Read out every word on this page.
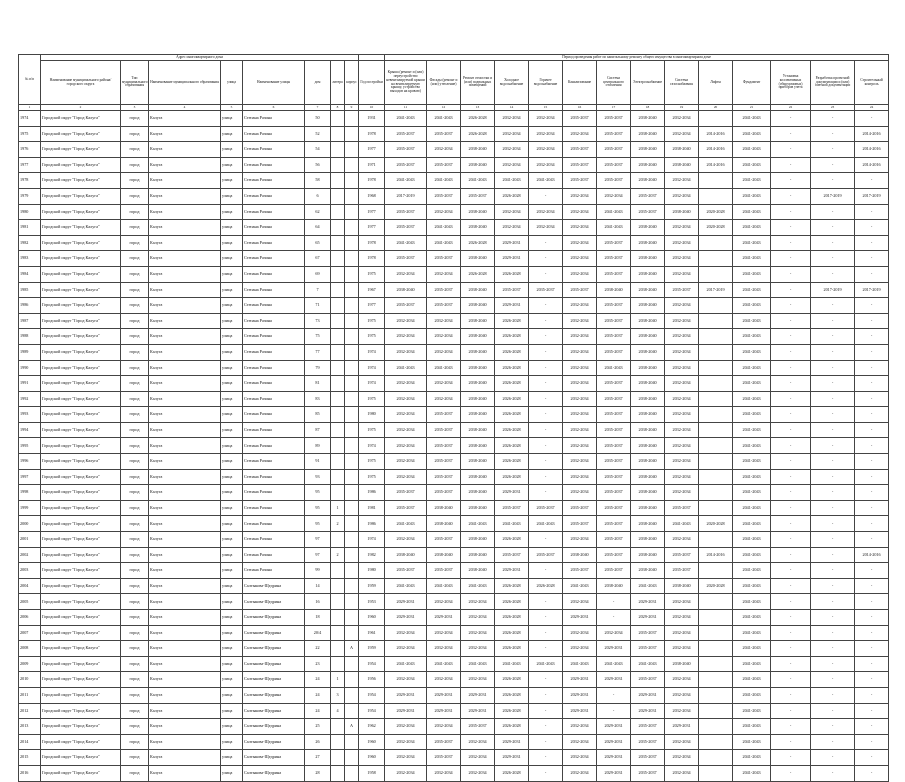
№ п/п	Адрес многоквартирного дома									Период проведения работ по капитальному ремонту общего имущества в многоквартирном доме													
	Наименование муниципального района/городского округа	Тип муниципального образования	Наименование муниципального образования	улица	Наименование улицы	дом	литера	корпус	Год постройки	Крыша (ремонт и (или) переустройство невентилируемой крыши на вентилируемую крышу, устройство выходов на кровлю)	Фасады (ремонт и (или) утепление)	Ремонт отмостки и (или) подвальных помещений	Холодное водоснабжение	Горячее водоснабжение	Канализование	Система центрального отопления	Электроснабжение	Система газоснабжения	Лифты	Фундамент	Установка коллективных (общедомовых) приборов учета	Разработка проектной документации и (или) сметной документации	Строительный контроль
1	2	3	4	5	6	7	8	9	10	11	12	13	14	15	16	17	18	19	20	21	22	23	24
1974	Городской округ "Город Калуга"	город	Калуга	улица	Степана Разина	50			1931	2041-2043	2041-2043	2026-2028	2032-2034	2032-2034	2035-2037	2035-2037	2038-2040	2032-2034		2041-2043	-	-	-
1975	Городской округ "Город Калуга"	город	Калуга	улица	Степана Разина	52			1978	2035-2037	2035-2037	2026-2028	2032-2034	2032-2034	2032-2034	2035-2037	2038-2040	2032-2034	2014-2016	2041-2043	-	-	2014-2016
1976	Городской округ "Город Калуга"	город	Калуга	улица	Степана Разина	54			1977	2035-2037	2032-2034	2038-2040	2032-2034	2032-2034	2035-2037	2035-2037	2038-2040	2038-2040	2014-2016	2041-2043	-	-	2014-2016
1977	Городской округ "Город Калуга"	город	Калуга	улица	Степана Разина	56			1971	2035-2037	2035-2037	2038-2040	2032-2034	2032-2034	2035-2037	2035-2037	2038-2040	2038-2040	2014-2016	2041-2043	-	-	2014-2016
1978	Городской округ "Город Калуга"	город	Калуга	улица	Степана Разина	58			1978	2041-2043	2041-2043	2041-2043	2041-2043	2041-2043	2035-2037	2035-2037	2038-2040	2032-2034		2041-2043	-	-	-
1979	Городской округ "Город Калуга"	город	Калуга	улица	Степана Разина	6			1968	2017-2019	2035-2037	2035-2037	2026-2028	-	2032-2034	2032-2034	2035-2037	2032-2034		2041-2043	-	2017-2019	2017-2019
1980	Городской округ "Город Калуга"	город	Калуга	улица	Степана Разина	62			1977	2035-2037	2032-2034	2038-2040	2032-2034	2032-2034	2032-2034	2041-2043	2035-2037	2038-2040	2020-2028	2041-2043	-	-	-
1981	Городской округ "Город Калуга"	город	Калуга	улица	Степана Разина	64			1977	2035-2037	2041-2043	2038-2040	2032-2034	2032-2034	2032-2034	2041-2043	2038-2040	2032-2034	2020-2028	2041-2043	-	-	-
1982	Городской округ "Город Калуга"	город	Калуга	улица	Степана Разина	65			1978	2041-2043	2041-2043	2026-2028	2029-2031	-	2032-2034	2035-2037	2038-2040	2032-2034		2041-2043	-	-	-
1983	Городской округ "Город Калуга"	город	Калуга	улица	Степана Разина	67			1978	2035-2037	2035-2037	2038-2040	2029-2031	-	2032-2034	2035-2037	2038-2040	2032-2034		2041-2043	-	-	-
1984	Городской округ "Город Калуга"	город	Калуга	улица	Степана Разина	69			1975	2032-2034	2032-2034	2026-2028	2026-2028	-	2032-2034	2035-2037	2038-2040	2032-2034		2041-2043	-	-	-
1985	Городской округ "Город Калуга"	город	Калуга	улица	Степана Разина	7			1967	2038-2040	2035-2037	2038-2040	2035-2037	2035-2037	2035-2037	2038-2040	2038-2040	2035-2037	2017-2019	2041-2043	-	2017-2019	2017-2019
1986	Городской округ "Город Калуга"	город	Калуга	улица	Степана Разина	71			1977	2035-2037	2035-2037	2038-2040	2029-2031	-	2032-2034	2035-2037	2038-2040	2032-2034		2041-2043	-	-	-
1987	Городской округ "Город Калуга"	город	Калуга	улица	Степана Разина	73			1975	2032-2034	2032-2034	2038-2040	2026-2028	-	2032-2034	2035-2037	2038-2040	2032-2034		2041-2043	-	-	-
1988	Городской округ "Город Калуга"	город	Калуга	улица	Степана Разина	75			1975	2032-2034	2032-2034	2038-2040	2026-2028	-	2032-2034	2035-2037	2038-2040	2032-2034		2041-2043	-	-	-
1989	Городской округ "Город Калуга"	город	Калуга	улица	Степана Разина	77			1974	2032-2034	2032-2034	2038-2040	2026-2028	-	2032-2034	2035-2037	2038-2040	2032-2034		2041-2043	-	-	-
1990	Городской округ "Город Калуга"	город	Калуга	улица	Степана Разина	79			1974	2041-2043	2041-2043	2038-2040	2026-2028	-	2032-2034	2041-2043	2038-2040	2032-2034		2041-2043	-	-	-
1991	Городской округ "Город Калуга"	город	Калуга	улица	Степана Разина	81			1974	2032-2034	2032-2034	2038-2040	2026-2028	-	2032-2034	2035-2037	2038-2040	2032-2034		2041-2043	-	-	-
1992	Городской округ "Город Калуга"	город	Калуга	улица	Степана Разина	83			1975	2032-2034	2032-2034	2038-2040	2026-2028	-	2032-2034	2035-2037	2038-2040	2032-2034		2041-2043	-	-	-
1993	Городской округ "Город Калуга"	город	Калуга	улица	Степана Разина	85			1980	2032-2034	2035-2037	2038-2040	2026-2028	-	2032-2034	2035-2037	2038-2040	2032-2034		2041-2043	-	-	-
1994	Городской округ "Город Калуга"	город	Калуга	улица	Степана Разина	87			1975	2032-2034	2035-2037	2038-2040	2026-2028	-	2032-2034	2035-2037	2038-2040	2032-2034		2041-2043	-	-	-
1995	Городской округ "Город Калуга"	город	Калуга	улица	Степана Разина	89			1974	2032-2034	2035-2037	2038-2040	2026-2028	-	2032-2034	2035-2037	2038-2040	2032-2034		2041-2043	-	-	-
1996	Городской округ "Город Калуга"	город	Калуга	улица	Степана Разина	91			1975	2032-2034	2035-2037	2038-2040	2026-2028	-	2032-2034	2035-2037	2038-2040	2032-2034		2041-2043	-	-	-
1997	Городской округ "Город Калуга"	город	Калуга	улица	Степана Разина	93			1975	2032-2034	2035-2037	2038-2040	2026-2028	-	2032-2034	2035-2037	2038-2040	2032-2034		2041-2043	-	-	-
1998	Городской округ "Город Калуга"	город	Калуга	улица	Степана Разина	95			1986	2035-2037	2035-2037	2038-2040	2029-2031	-	2032-2034	2035-2037	2038-2040	2032-2034		2041-2043	-	-	-
1999	Городской округ "Город Калуга"	город	Калуга	улица	Степана Разина	95	1		1981	2035-2037	2038-2040	2038-2040	2035-2037	2035-2037	2035-2037	2035-2037	2038-2040	2035-2037		2041-2043	-	-	-
2000	Городской округ "Город Калуга"	город	Калуга	улица	Степана Разина	95	2		1986	2041-2043	2038-2040	2041-2043	2041-2043	2041-2043	2035-2037	2035-2037	2038-2040	2041-2043	2020-2028	2041-2043	-	-	-
2001	Городской округ "Город Калуга"	город	Калуга	улица	Степана Разина	97			1974	2032-2034	2035-2037	2038-2040	2026-2028	-	2032-2034	2035-2037	2038-2040	2032-2034		2041-2043	-	-	-
2002	Городской округ "Город Калуга"	город	Калуга	улица	Степана Разина	97	2		1982	2038-2040	2038-2040	2038-2040	2035-2037	2035-2037	2038-2040	2035-2037	2038-2040	2035-2037	2014-2016	2041-2043	-	-	2014-2016
2003	Городской округ "Город Калуга"	город	Калуга	улица	Степана Разина	99			1980	2035-2037	2035-2037	2038-2040	2029-2031	-	2035-2037	2035-2037	2038-2040	2035-2037		2041-2043	-	-	-
2004	Городской округ "Город Калуга"	город	Калуга	улица	Салтыкова-Щедрина	14			1959	2041-2043	2041-2043	2041-2043	2026-2028	2026-2028	2041-2043	2038-2040	2041-2043	2038-2040	2020-2028	2041-2043	-	-	-
2005	Городской округ "Город Калуга"	город	Калуга	улица	Салтыкова-Щедрина	16			1953	2029-2031	2032-2034	2032-2034	2026-2028	-	2032-2034	-	2029-2031	2032-2034		2041-2043	-	-	-
2006	Городской округ "Город Калуга"	город	Калуга	улица	Салтыкова-Щедрина	18			1960	2029-2031	2029-2031	2032-2034	2026-2028	-	2029-2031	-	2029-2031	2032-2034		2041-2043	-	-	-
2007	Городской округ "Город Калуга"	город	Калуга	улица	Салтыкова-Щедрина	20/4			1961	2032-2034	2032-2034	2032-2034	2026-2028	-	2032-2034	2032-2034	2035-2037	2032-2034		2041-2043	-	-	-
2008	Городской округ "Город Калуга"	город	Калуга	улица	Салтыкова-Щедрина	22		А	1959	2032-2034	2032-2034	2032-2034	2026-2028	-	2032-2034	2029-2031	2035-2037	2032-2034		2041-2043	-	-	-
2009	Городской округ "Город Калуга"	город	Калуга	улица	Салтыкова-Щедрина	23			1954	2041-2043	2041-2043	2041-2043	2041-2043	2041-2043	2041-2043	2041-2043	2041-2043	2038-2040		2041-2043	-	-	-
2010	Городской округ "Город Калуга"	город	Калуга	улица	Салтыкова-Щедрина	24	1		1956	2032-2034	2032-2034	2032-2034	2026-2028	-	2029-2031	2029-2031	2035-2037	2032-2034		2041-2043	-	-	-
2011	Городской округ "Город Калуга"	город	Калуга	улица	Салтыкова-Щедрина	24	3		1954	2029-2031	2029-2031	2029-2031	2026-2028	-	2029-2031	-	2029-2031	2032-2034		2041-2043	-	-	-
2012	Городской округ "Город Калуга"	город	Калуга	улица	Салтыкова-Щедрина	24	4		1954	2029-2031	2029-2031	2029-2031	2026-2028	-	2029-2031	-	2029-2031	2032-2034		2041-2043	-	-	-
2013	Городской округ "Город Калуга"	город	Калуга	улица	Салтыкова-Щедрина	25		А	1962	2032-2034	2032-2034	2035-2037	2026-2028	-	2032-2034	2029-2031	2035-2037	2029-2031		2041-2043	-	-	-
2014	Городской округ "Город Калуга"	город	Калуга	улица	Салтыкова-Щедрина	26			1960	2032-2034	2035-2037	2032-2034	2029-2031	-	2032-2034	2029-2031	2035-2037	2032-2034		2041-2043	-	-	-
2015	Городской округ "Город Калуга"	город	Калуга	улица	Салтыкова-Щедрина	27			1960	2032-2034	2035-2037	2032-2034	2029-2031	-	2032-2034	2029-2031	2035-2037	2032-2034		2041-2043	-	-	-
2016	Городской округ "Город Калуга"	город	Калуга	улица	Салтыкова-Щедрина	28			1958	2032-2034	2032-2034	2032-2034	2026-2028	-	2032-2034	2029-2031	2035-2037	2032-2034		2041-2043	-	-	-
